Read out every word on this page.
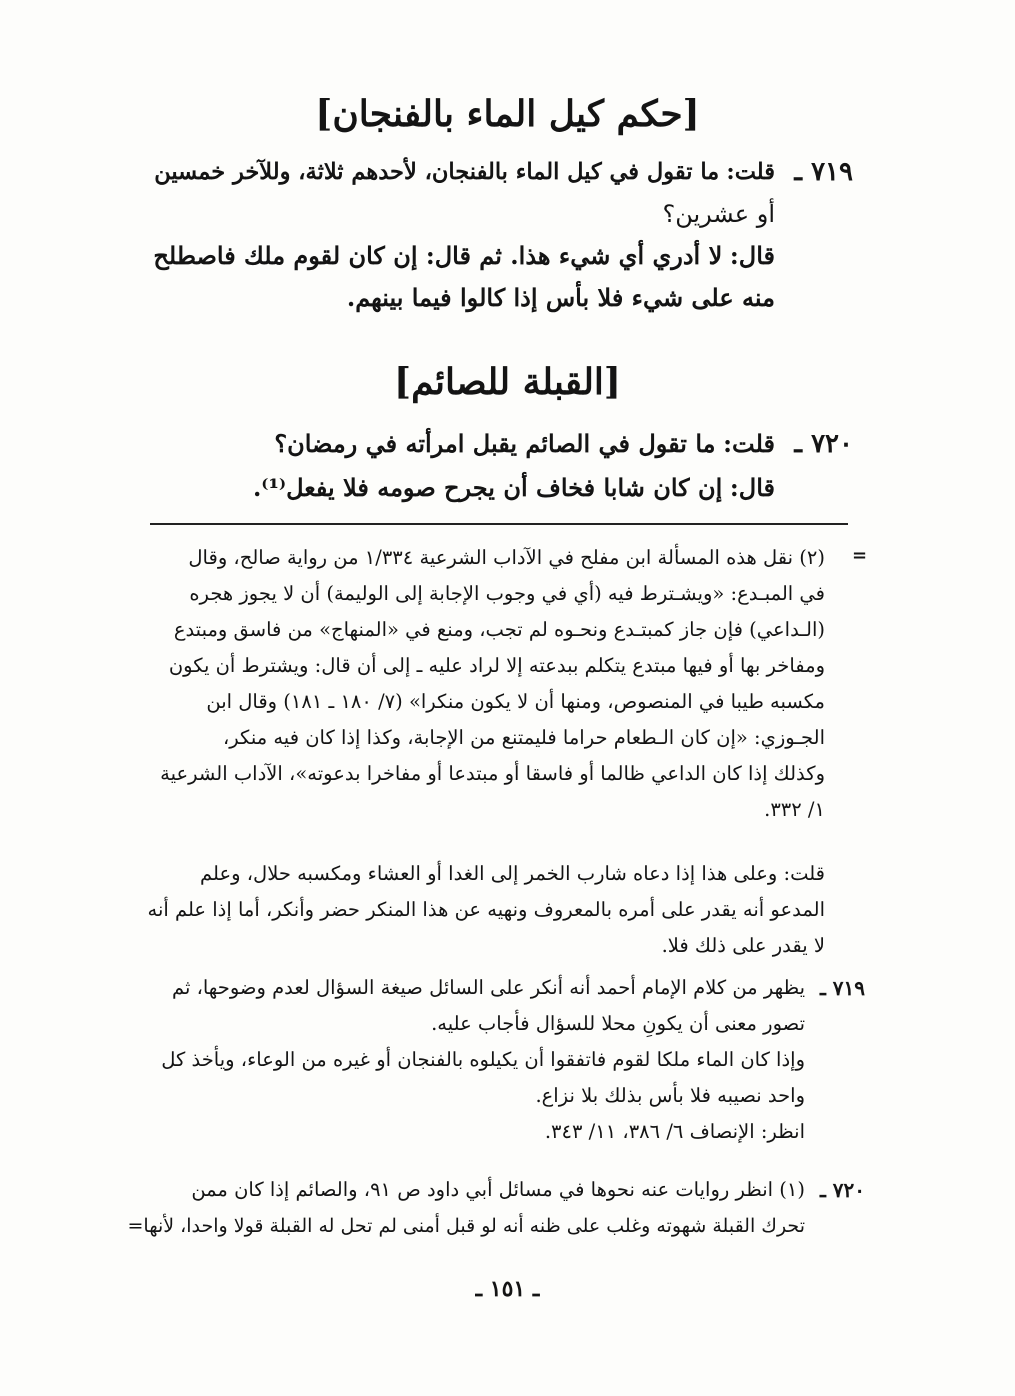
[حكم كيل الماء بالفنجان]
٧١٩ ـ
قلت: ما تقول في كيل الماء بالفنجان، لأحدهم ثلاثة، وللآخر خمسين
أو عشرين؟
قال: لا أدري أي شيء هذا. ثم قال: إن كان لقوم ملك فاصطلح
منه على شيء فلا بأس إذا كالوا فيما بينهم.
[القبلة للصائم]
٧٢٠ ـ
قلت: ما تقول في الصائم يقبل امرأته في رمضان؟
قال: إن كان شابا فخاف أن يجرح صومه فلا يفعل⁽¹⁾.
=
(٢) نقل هذه المسألة ابن مفلح في الآداب الشرعية ١/٣٣٤ من رواية صالح، وقال
في المبـدع: «ويشـترط فيه (أي في وجوب الإجابة إلى الوليمة) أن لا يجوز هجره
(الـداعي) فإن جاز كمبتـدع ونحـوه لم تجب، ومنع في «المنهاج» من فاسق ومبتدع
ومفاخر بها أو فيها مبتدع يتكلم ببدعته إلا لراد عليه ـ إلى أن قال: ويشترط أن يكون
مكسبه طيبا في المنصوص، ومنها أن لا يكون منكرا» (٧/ ١٨٠ ـ ١٨١) وقال ابن
الجـوزي: «إن كان الـطعام حراما فليمتنع من الإجابة، وكذا إذا كان فيه منكر،
وكذلك إذا كان الداعي ظالما أو فاسقا أو مبتدعا أو مفاخرا بدعوته»، الآداب الشرعية
١/ ٣٣٢.
قلت: وعلى هذا إذا دعاه شارب الخمر إلى الغدا أو العشاء ومكسبه حلال، وعلم
المدعو أنه يقدر على أمره بالمعروف ونهيه عن هذا المنكر حضر وأنكر، أما إذا علم أنه
لا يقدر على ذلك فلا.
٧١٩ ـ
يظهر من كلام الإمام أحمد أنه أنكر على السائل صيغة السؤال لعدم وضوحها، ثم
تصور معنى أن يكونِ محلا للسؤال فأجاب عليه.
وإذا كان الماء ملكا لقوم فاتفقوا أن يكيلوه بالفنجان أو غيره من الوعاء، ويأخذ كل
واحد نصيبه فلا بأس بذلك بلا نزاع.
انظر: الإنصاف ٦/ ٣٨٦، ١١/ ٣٤٣.
٧٢٠ ـ
(١) انظر روايات عنه نحوها في مسائل أبي داود ص ٩١، والصائم إذا كان ممن
تحرك القبلة شهوته وغلب على ظنه أنه لو قبل أمنى لم تحل له القبلة قولا واحدا، لأنها=
ـ ١٥١ ـ
